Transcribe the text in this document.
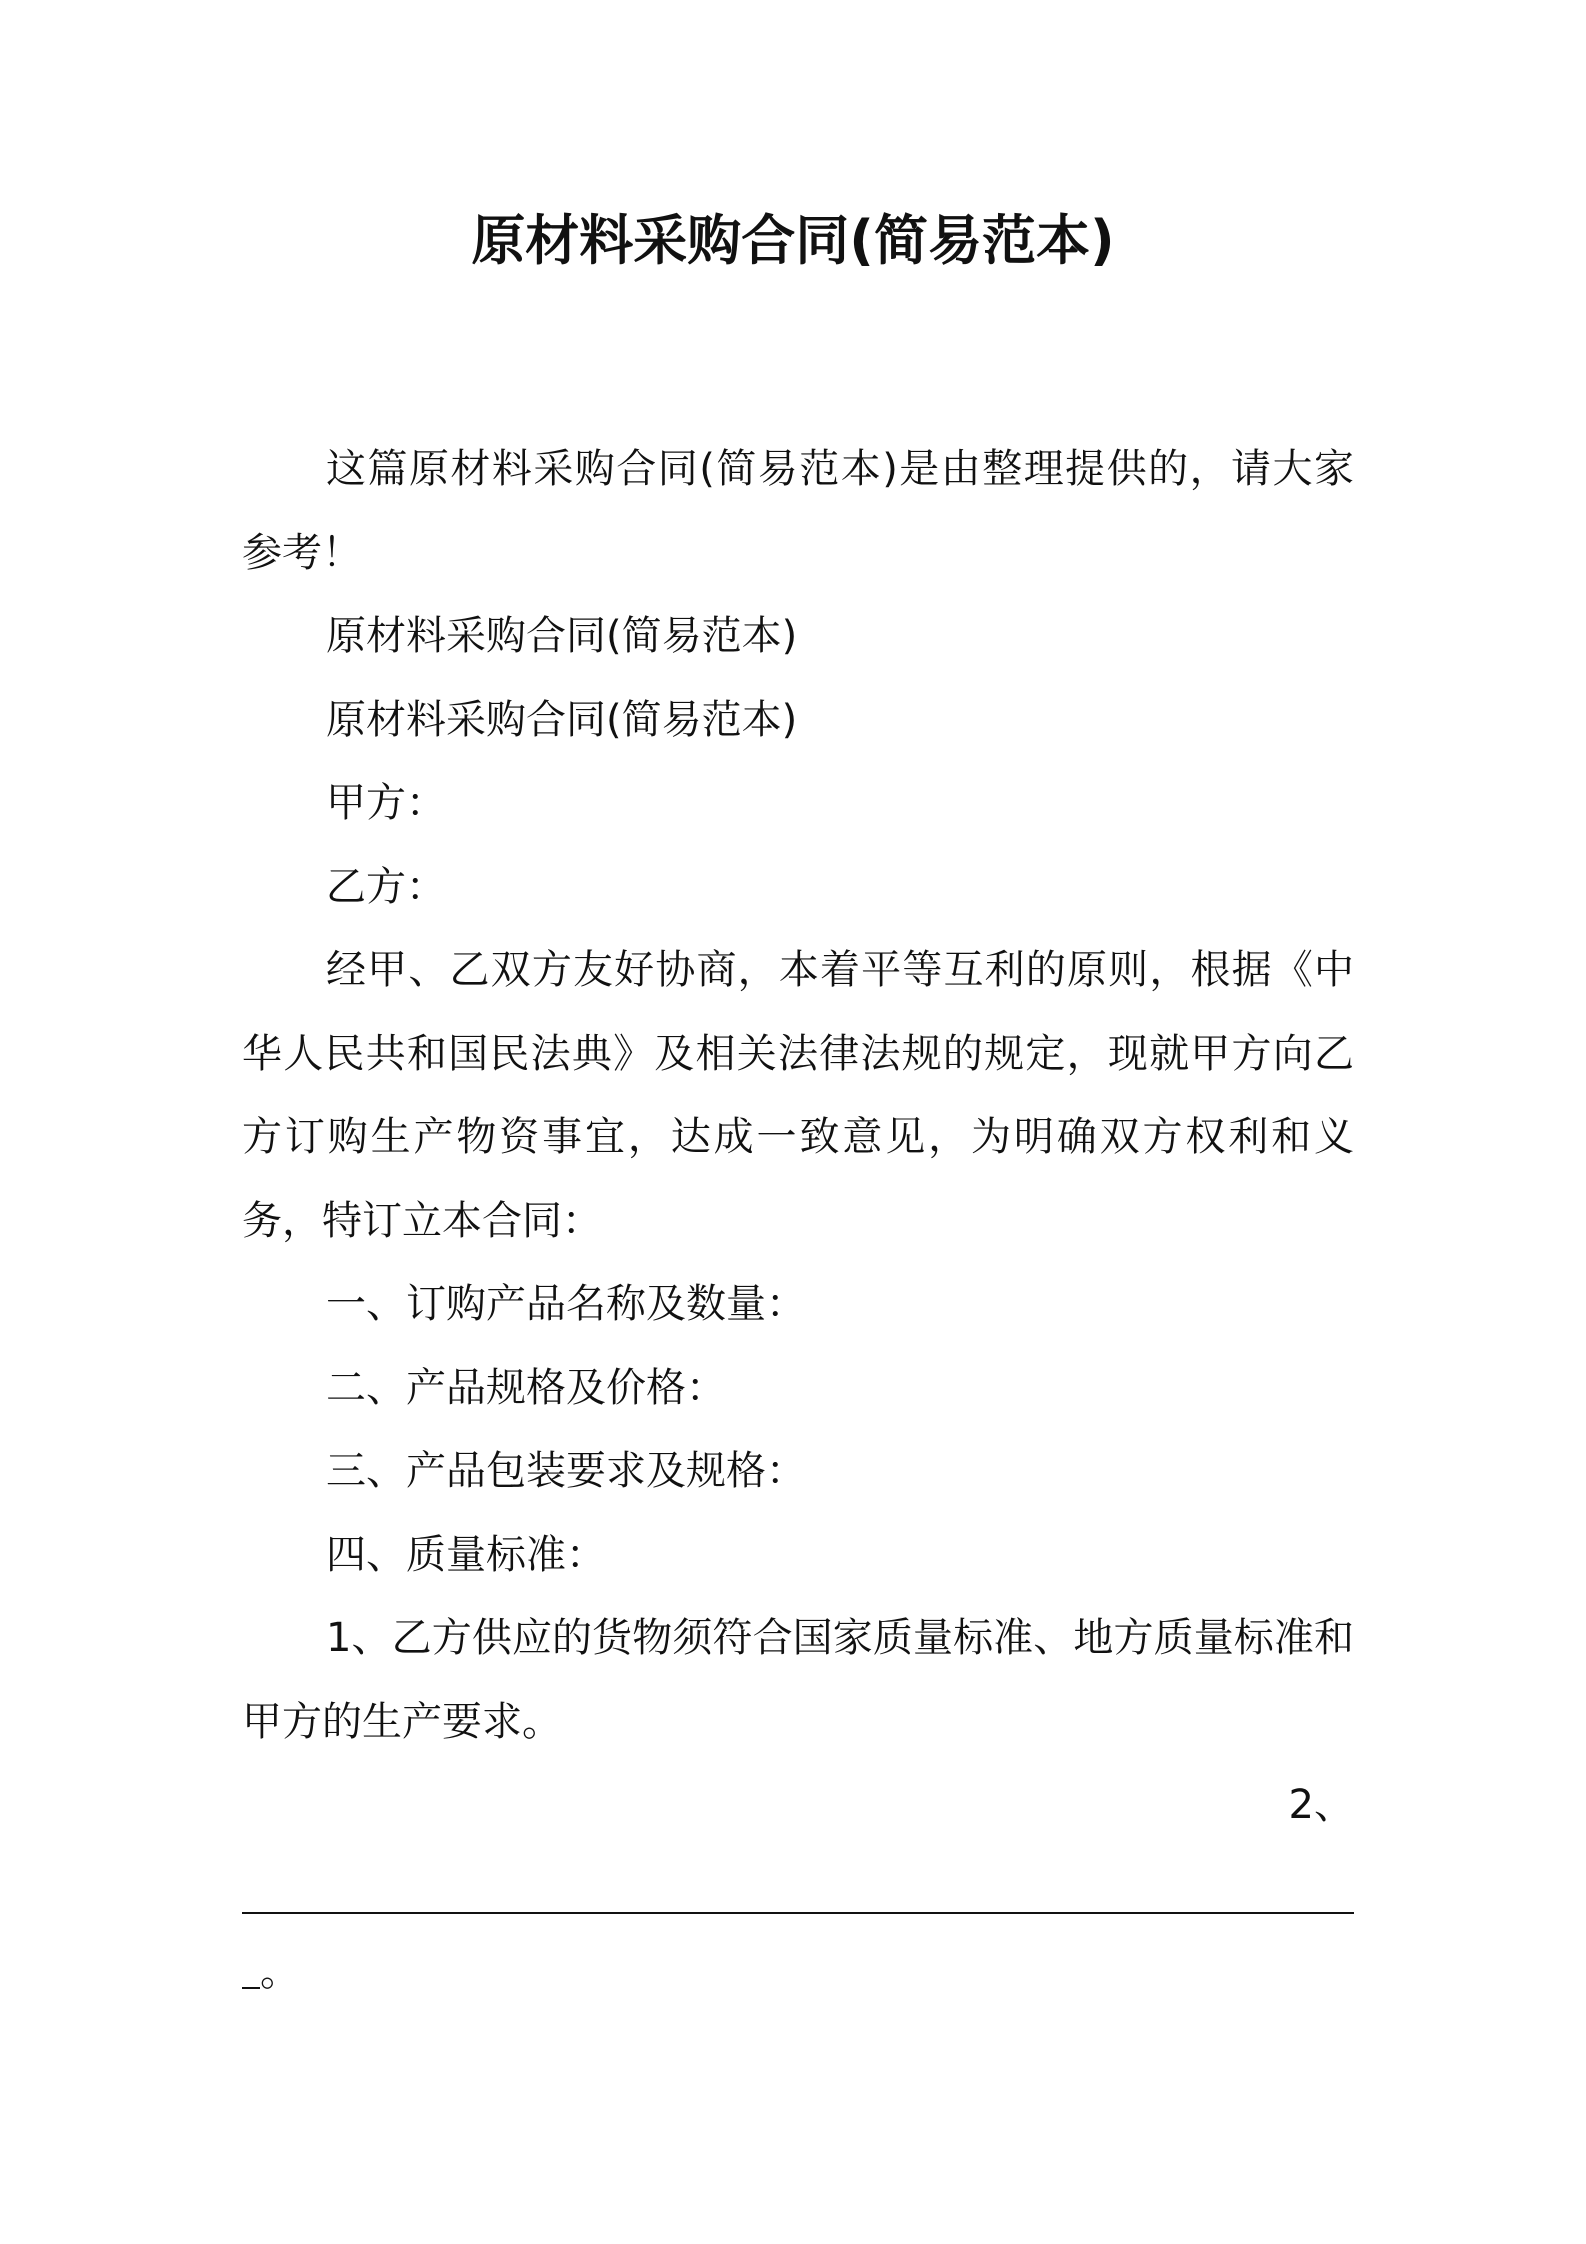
原材料采购合同(简易范本)

这篇原材料采购合同(简易范本)是由整理提供的，请大家参考！

原材料采购合同(简易范本)

原材料采购合同(简易范本)

甲方：

乙方：

经甲、乙双方友好协商，本着平等互利的原则，根据《中华人民共和国民法典》及相关法律法规的规定，现就甲方向乙方订购生产物资事宜，达成一致意见，为明确双方权利和义务，特订立本合同：

一、订购产品名称及数量：

二、产品规格及价格：

三、产品包装要求及规格：

四、质量标准：

1、乙方供应的货物须符合国家质量标准、地方质量标准和甲方的生产要求。

2、

。
